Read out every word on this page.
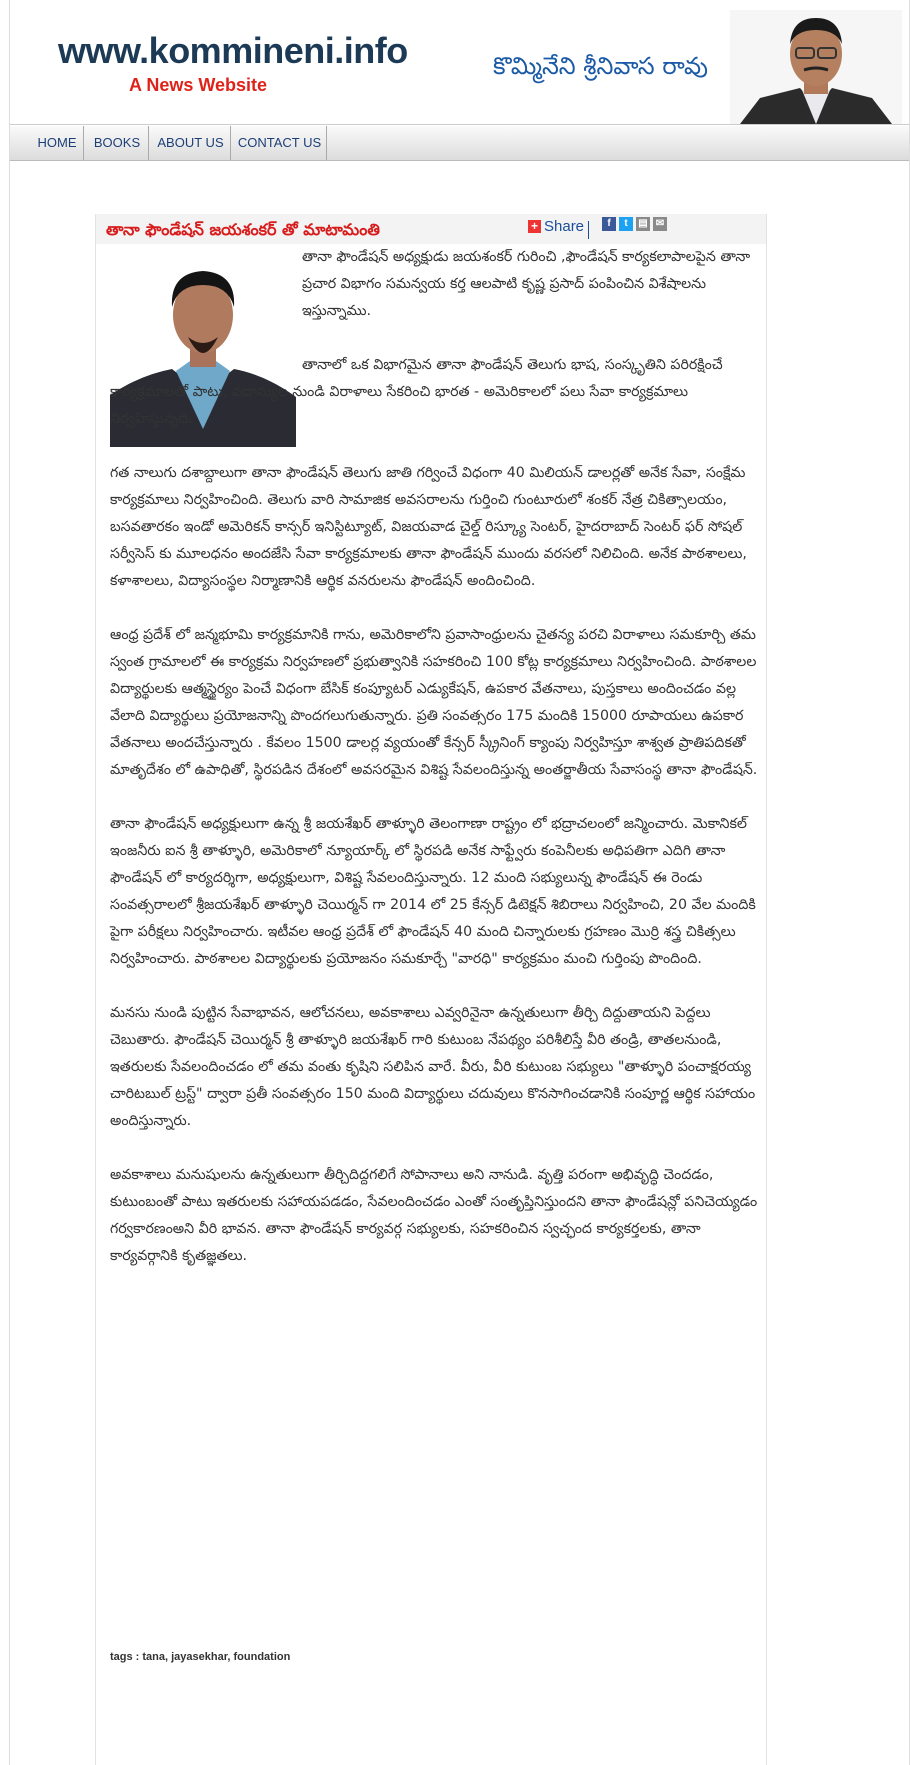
www.kommineni.info
A News Website
కొమ్మినేని శ్రీనివాస రావు
HOME	BOOKS	ABOUT US	CONTACT US
తానా ఫౌండేషన్ జయశంకర్ తో మాటామంతి	+ Share	f	t	▤ ✉

తానా ఫౌండేషన్ అధ్యక్షుడు జయశంకర్ గురించి ,ఫౌండేషన్ కార్యకలాపాలపైన తానా ప్రచార విభాగం సమన్వయ కర్త ఆలపాటి కృష్ణ ప్రసాద్ పంపించిన విశేషాలను ఇస్తున్నాము.

తానాలో ఒక విభాగమైన తానా ఫౌండేషన్ తెలుగు భాష, సంస్కృతిని పరిరక్షించే కార్యక్రమాలతో పాటు, వదాన్యుల నుండి విరాళాలు సేకరించి భారత - అమెరికాలలో పలు సేవా కార్యక్రమాలు నిర్వహిస్తున్నది.

గత నాలుగు దశాబ్దాలుగా తానా ఫౌండేషన్ తెలుగు జాతి గర్వించే విధంగా 40 మిలియన్ డాలర్లతో అనేక సేవా, సంక్షేమ కార్యక్రమాలు నిర్వహించింది. తెలుగు వారి సామాజిక అవసరాలను గుర్తించి గుంటూరులో శంకర్ నేత్ర చికిత్సాలయం, బసవతారకం ఇండో అమెరికన్ కాన్సర్ ఇనిస్టిట్యూట్, విజయవాడ చైల్డ్ రిస్క్యూ సెంటర్, హైదరాబాద్ సెంటర్ ఫర్ సోషల్ సర్వీసెస్ కు మూలధనం అందజేసి సేవా కార్యక్రమాలకు తానా ఫౌండేషన్ ముందు వరసలో నిలిచింది. అనేక పాఠశాలలు, కళాశాలలు, విద్యాసంస్థల నిర్మాణానికి ఆర్థిక వనరులను ఫౌండేషన్ అందించింది.

ఆంధ్ర ప్రదేశ్ లో జన్మభూమి కార్యక్రమానికి గాను, అమెరికాలోని ప్రవాసాంధ్రులను చైతన్య పరచి విరాళాలు సమకూర్చి తమ స్వంత గ్రామాలలో ఈ కార్యక్రమ నిర్వహణలో ప్రభుత్వానికి సహకరించి 100 కోట్ల కార్యక్రమాలు నిర్వహించింది. పాఠశాలల విద్యార్థులకు ఆత్మస్థైర్యం పెంచే విధంగా బేసిక్ కంప్యూటర్ ఎడ్యుకేషన్, ఉపకార వేతనాలు, పుస్తకాలు అందించడం వల్ల వేలాది విద్యార్థులు ప్రయోజనాన్ని పొందగలుగుతున్నారు. ప్రతి సంవత్సరం 175 మందికి 15000 రూపాయలు ఉపకార వేతనాలు అందచేస్తున్నారు . కేవలం 1500 డాలర్ల వ్యయంతో కేన్సర్ స్క్రీనింగ్ క్యాంపు నిర్వహిస్తూ శాశ్వత ప్రాతిపదికతో మాతృదేశం లో ఉపాధితో, స్థిరపడిన దేశంలో అవసరమైన విశిష్ట సేవలందిస్తున్న అంతర్జాతీయ సేవాసంస్థ తానా ఫౌండేషన్.

తానా ఫౌండేషన్ అధ్యక్షులుగా ఉన్న శ్రీ జయశేఖర్ తాళ్ళూరి తెలంగాణా రాష్ట్రం లో భద్రాచలంలో జన్మించారు. మెకానికల్ ఇంజనీరు ఐన శ్రీ తాళ్ళూరి, అమెరికాలో న్యూయార్క్ లో స్థిరపడి అనేక సాఫ్ట్వేరు కంపెనీలకు అధిపతిగా ఎదిగి తానా ఫౌండేషన్ లో కార్యదర్శిగా, అధ్యక్షులుగా, విశిష్ట సేవలందిస్తున్నారు. 12 మంది సభ్యులున్న ఫౌండేషన్ ఈ రెండు సంవత్సరాలలో శ్రీజయశేఖర్ తాళ్ళూరి చెయిర్మన్ గా 2014 లో 25 కేన్సర్ డిటెక్షన్ శిబిరాలు నిర్వహించి, 20 వేల మందికి పైగా పరీక్షలు నిర్వహించారు. ఇటీవల ఆంధ్ర ప్రదేశ్ లో ఫౌండేషన్ 40 మంది చిన్నారులకు గ్రహణం మొర్రి శస్త్ర చికిత్సలు నిర్వహించారు. పాఠశాలల విద్యార్థులకు ప్రయోజనం సమకూర్చే "వారధి" కార్యక్రమం మంచి గుర్తింపు పొందింది.

మనసు నుండి పుట్టిన సేవాభావన, ఆలోచనలు, అవకాశాలు ఎవ్వరినైనా ఉన్నతులుగా తీర్చి దిద్దుతాయని పెద్దలు చెబుతారు. ఫౌండేషన్ చెయిర్మన్ శ్రీ తాళ్ళూరి జయశేఖర్ గారి కుటుంబ నేపథ్యం పరిశీలిస్తే వీరి తండ్రి, తాతలనుండి, ఇతరులకు సేవలందించడం లో తమ వంతు కృషిని సలిపిన వారే. వీరు, వీరి కుటుంబ సభ్యులు "తాళ్ళూరి పంచాక్షరయ్య చారిటబుల్ ట్రస్ట్" ద్వారా ప్రతీ సంవత్సరం 150 మంది విద్యార్థులు చదువులు కొనసాగించడానికి సంపూర్ణ ఆర్థిక సహాయం అందిస్తున్నారు.

అవకాశాలు మనుషులను ఉన్నతులుగా తీర్చిదిద్దగలిగే సోపానాలు అని నానుడి. వృత్తి పరంగా అభివృద్ధి చెందడం, కుటుంబంతో పాటు ఇతరులకు సహాయపడడం, సేవలందించడం ఎంతో సంతృప్తినిస్తుందని తానా ఫౌండేషన్లో పనిచెయ్యడం గర్వకారణంఅని వీరి భావన. తానా ఫౌండేషన్ కార్యవర్గ సభ్యులకు, సహకరించిన స్వచ్ఛంద కార్యకర్తలకు, తానా కార్యవర్గానికి కృతజ్ఞతలు.

tags : tana, jayasekhar, foundation
